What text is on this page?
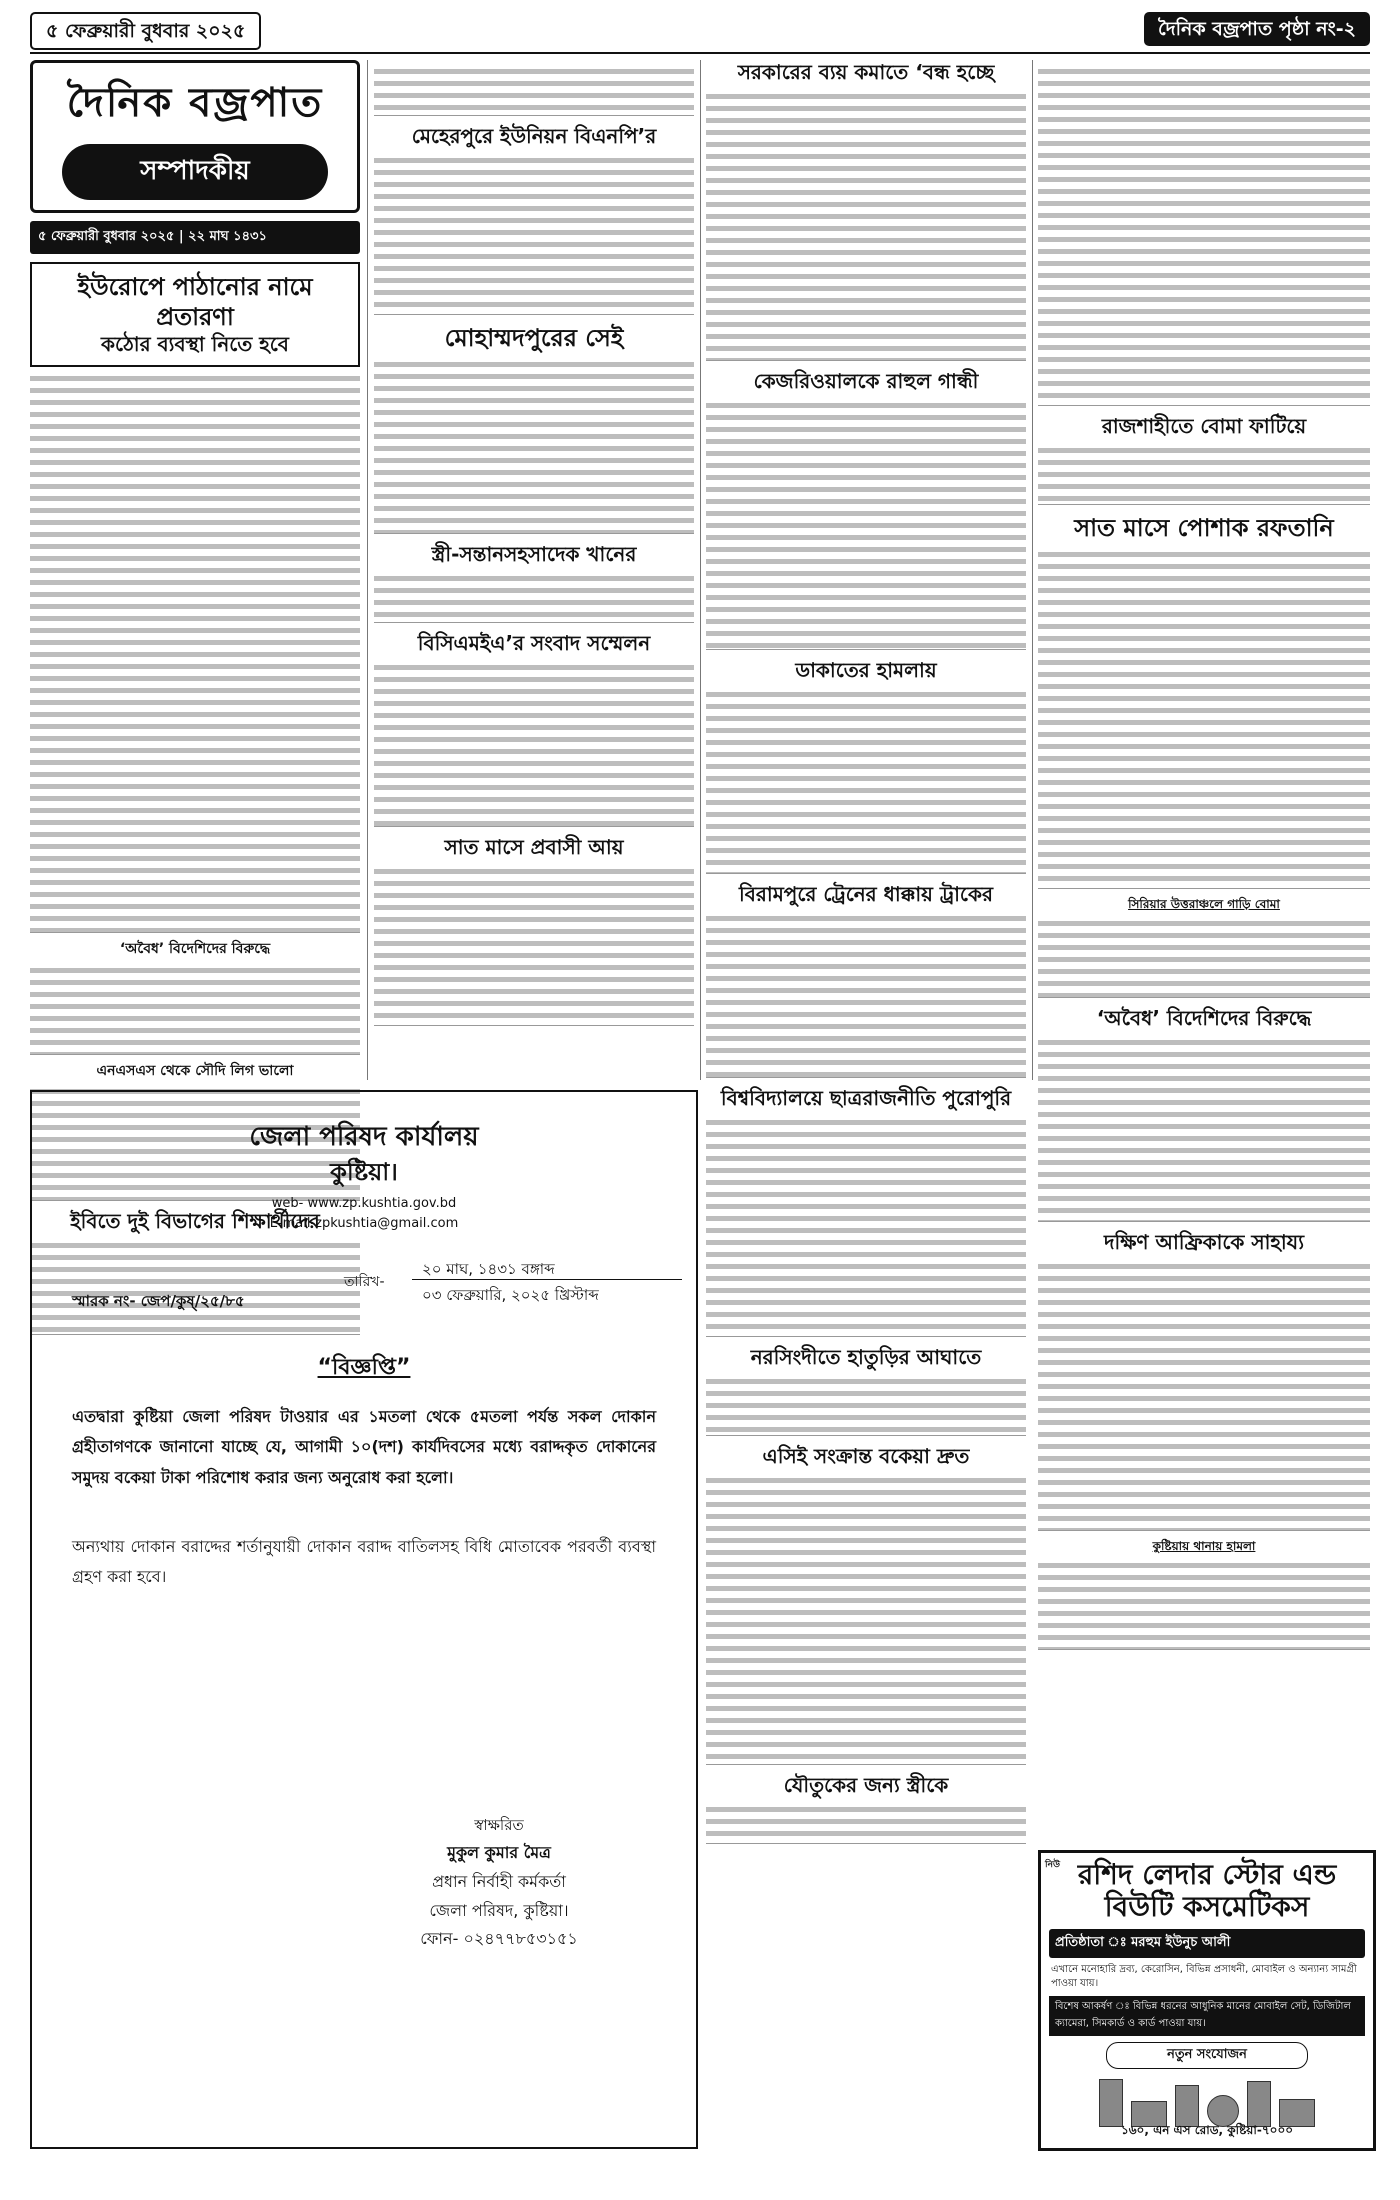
৫ ফেব্রুয়ারী বুধবার ২০২৫	দৈনিক বজ্রপাত পৃষ্ঠা নং-২
দৈনিক বজ্রপাত
সম্পাদকীয়
৫ ফেব্রুয়ারী বুধবার ২০২৫ | ২২ মাঘ ১৪৩১
ইউরোপে পাঠানোর নামে প্রতারণা
কঠোর ব্যবস্থা নিতে হবে
‘অবৈধ’ বিদেশিদের বিরুদ্ধে
এনএসএস থেকে সৌদি লিগ ভালো
ইবিতে দুই বিভাগের শিক্ষার্থীদের
মেহেরপুরে ইউনিয়ন বিএনপি’র
মোহাম্মদপুরের সেই
স্ত্রী-সন্তানসহসাদেক খানের
বিসিএমইএ’র সংবাদ সম্মেলন
সাত মাসে প্রবাসী আয়
সরকারের ব্যয় কমাতে ‘বন্ধ হচ্ছে
কেজরিওয়ালকে রাহুল গান্ধী
ডাকাতের হামলায়
বিরামপুরে ট্রেনের ধাক্কায় ট্রাকের
বিশ্ববিদ্যালয়ে ছাত্ররাজনীতি পুরোপুরি
নরসিংদীতে হাতুড়ির আঘাতে
এসিই সংক্রান্ত বকেয়া দ্রুত
যৌতুকের জন্য স্ত্রীকে
রাজশাহীতে বোমা ফাটিয়ে
সাত মাসে পোশাক রফতানি
সিরিয়ার উত্তরাঞ্চলে গাড়ি বোমা
‘অবৈধ’ বিদেশিদের বিরুদ্ধে
দক্ষিণ আফ্রিকাকে সাহায্য
কুষ্টিয়ায় থানায় হামলা
জেলা পরিষদ কার্যালয়
কুষ্টিয়া।
web- www.zp.kushtia.gov.bd
E-mail-zpkushtia@gmail.com
স্মারক নং- জেপ/কুষ্/২৫/৮৫
তারিখ-
২০ মাঘ, ১৪৩১ বঙ্গাব্দ
০৩ ফেব্রুয়ারি, ২০২৫ খ্রিস্টাব্দ
“বিজ্ঞপ্তি”
এতদ্বারা কুষ্টিয়া জেলা পরিষদ টাওয়ার এর ১মতলা থেকে ৫মতলা পর্যন্ত সকল দোকান গ্রহীতাগণকে জানানো যাচ্ছে যে, আগামী ১০(দশ) কার্যদিবসের মধ্যে বরাদ্দকৃত দোকানের সমুদয় বকেয়া টাকা পরিশোধ করার জন্য অনুরোধ করা হলো।
অন্যথায় দোকান বরাদ্দের শর্তানুযায়ী দোকান বরাদ্দ বাতিলসহ বিধি মোতাবেক পরবর্তী ব্যবস্থা গ্রহণ করা হবে।
স্বাক্ষরিত
মুকুল কুমার মৈত্র
প্রধান নির্বাহী কর্মকর্তা
জেলা পরিষদ, কুষ্টিয়া।
ফোন- ০২৪৭৭৮৫৩১৫১
নিউ রশিদ লেদার স্টোর এন্ড বিউটি কসমেটিকস
প্রতিষ্ঠাতা ঃ মরহুম ইউনুচ আলী
এখানে মনোহারি দ্রব্য, কেরোসিন, বিভিন্ন প্রসাধনী, মোবাইল ও অন্যান্য সামগ্রী পাওয়া যায়।
বিশেষ আকর্ষণ ঃ বিভিন্ন ধরনের আধুনিক মানের মোবাইল সেট, ডিজিটাল ক্যামেরা, সিমকার্ড ও কার্ড পাওয়া যায়।
নতুন সংযোজন
১৬০, এন এস রোড, কুষ্টিয়া-৭০০০
